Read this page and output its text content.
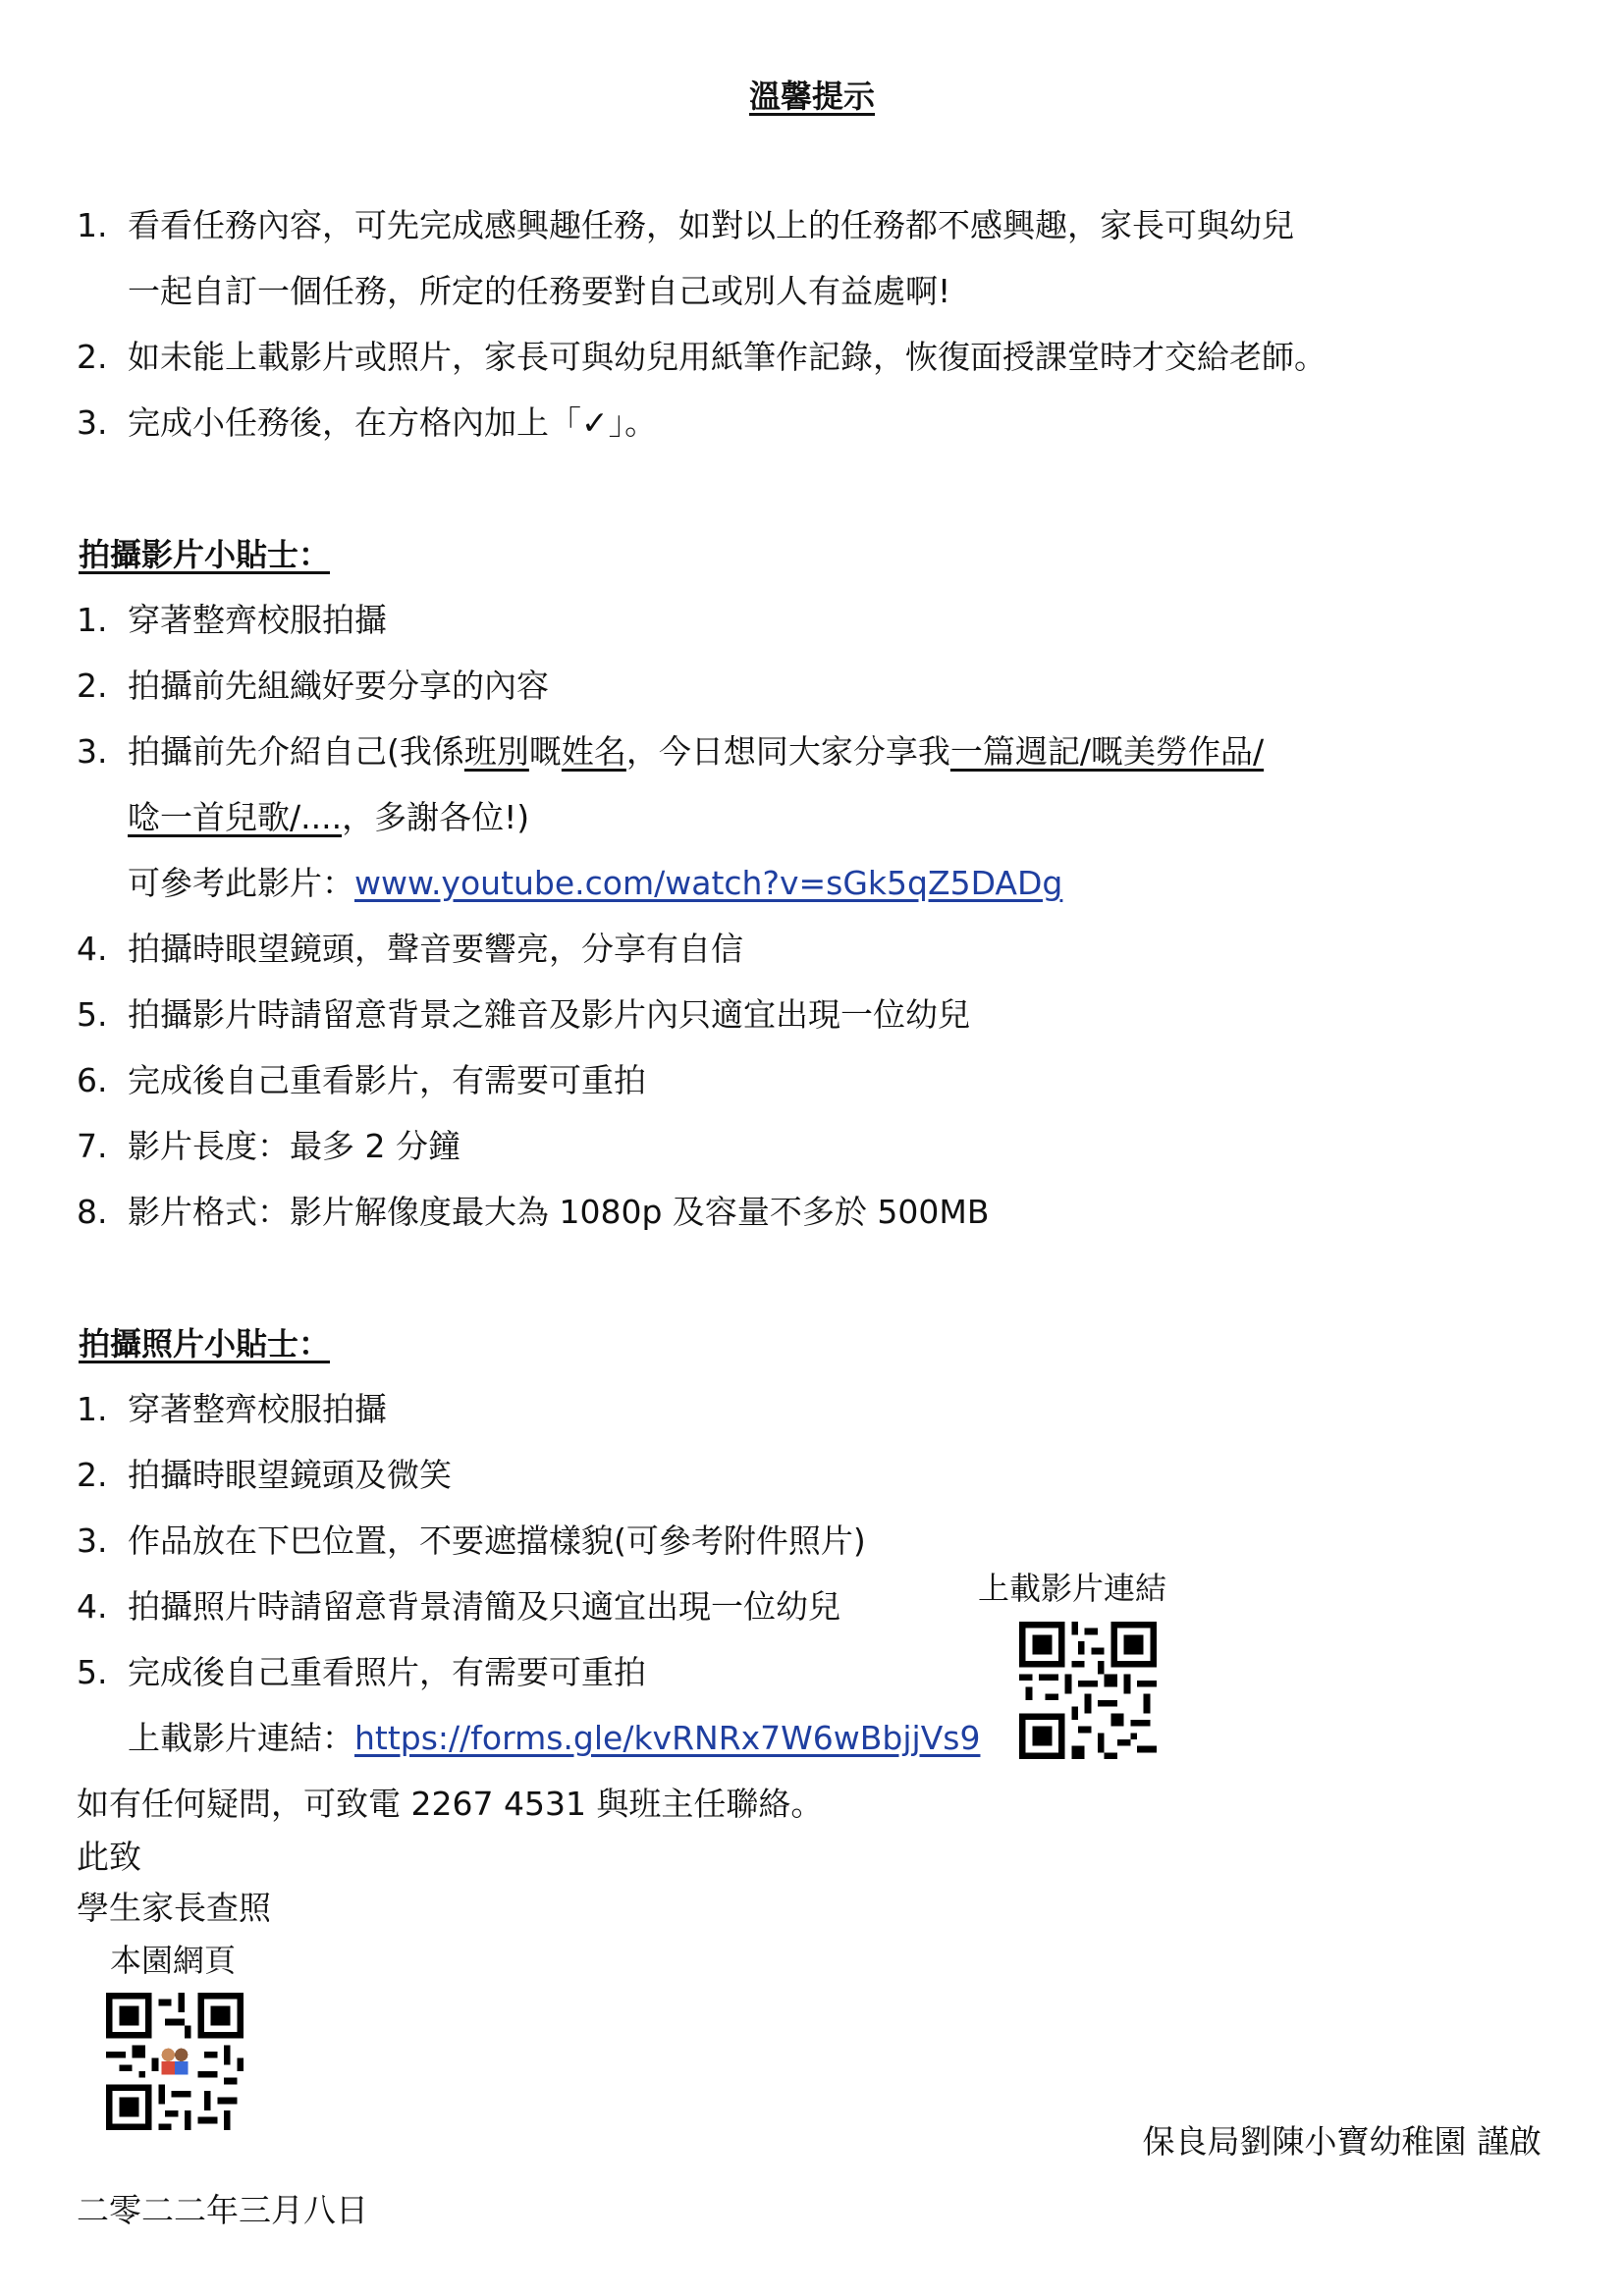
溫馨提示
1. 看看任務內容，可先完成感興趣任務，如對以上的任務都不感興趣，家長可與幼兒
一起自訂一個任務，所定的任務要對自己或別人有益處啊!
2. 如未能上載影片或照片，家長可與幼兒用紙筆作記錄，恢復面授課堂時才交給老師。
3. 完成小任務後，在方格內加上「✓」。
拍攝影片小貼士：
1. 穿著整齊校服拍攝
2. 拍攝前先組織好要分享的內容
3. 拍攝前先介紹自己(我係班別嘅姓名，今日想同大家分享我一篇週記/嘅美勞作品/
唸一首兒歌/....，多謝各位!)
可參考此影片：www.youtube.com/watch?v=sGk5qZ5DADg
4. 拍攝時眼望鏡頭，聲音要響亮，分享有自信
5. 拍攝影片時請留意背景之雜音及影片內只適宜出現一位幼兒
6. 完成後自己重看影片，有需要可重拍
7. 影片長度：最多 2 分鐘
8. 影片格式：影片解像度最大為 1080p 及容量不多於 500MB
拍攝照片小貼士：
1. 穿著整齊校服拍攝
2. 拍攝時眼望鏡頭及微笑
3. 作品放在下巴位置，不要遮擋樣貌(可參考附件照片)
4. 拍攝照片時請留意背景清簡及只適宜出現一位幼兒
5. 完成後自己重看照片，有需要可重拍
上載影片連結：https://forms.gle/kvRNRx7W6wBbjjVs9
上載影片連結
如有任何疑問，可致電 2267 4531 與班主任聯絡。
此致
學生家長查照
本園網頁
保良局劉陳小寶幼稚園 謹啟
二零二二年三月八日
